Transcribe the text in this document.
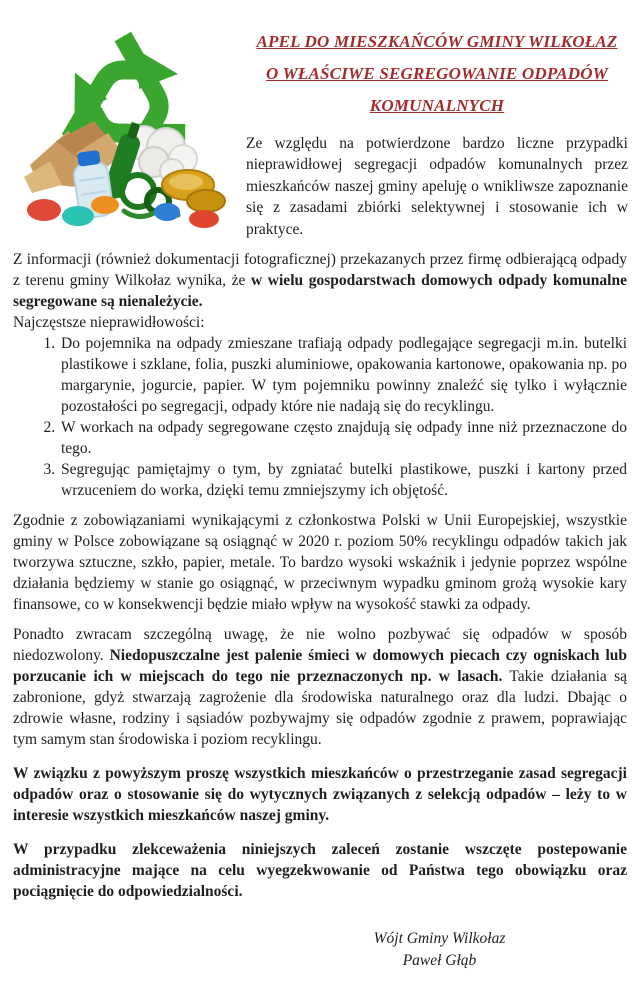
APEL DO MIESZKAŃCÓW GMINY WILKOŁAZ
O WŁAŚCIWE SEGREGOWANIE ODPADÓW
KOMUNALNYCH

Ze względu na potwierdzone bardzo liczne przypadki nieprawidłowej segregacji odpadów komunalnych przez mieszkańców naszej gminy apeluję o wnikliwsze zapoznanie się z zasadami zbiórki selektywnej i stosowanie ich w praktyce.

Z informacji (również dokumentacji fotograficznej) przekazanych przez firmę odbierającą odpady z terenu gminy Wilkołaz wynika, że w wielu gospodarstwach domowych odpady komunalne segregowane są nienależycie.

Najczęstsze nieprawidłowości:

1. Do pojemnika na odpady zmieszane trafiają odpady podlegające segregacji m.in. butelki plastikowe i szklane, folia, puszki aluminiowe, opakowania kartonowe, opakowania np. po margarynie, jogurcie, papier. W tym pojemniku powinny znaleźć się tylko i wyłącznie pozostałości po segregacji, odpady które nie nadają się do recyklingu.
2. W workach na odpady segregowane często znajdują się odpady inne niż przeznaczone do tego.
3. Segregując pamiętajmy o tym, by zgniatać butelki plastikowe, puszki i kartony przed wrzuceniem do worka, dzięki temu zmniejszymy ich objętość.

Zgodnie z zobowiązaniami wynikającymi z członkostwa Polski w Unii Europejskiej, wszystkie gminy w Polsce zobowiązane są osiągnąć w 2020 r. poziom 50% recyklingu odpadów takich jak tworzywa sztuczne, szkło, papier, metale. To bardzo wysoki wskaźnik i jedynie poprzez wspólne działania będziemy w stanie go osiągnąć, w przeciwnym wypadku gminom grożą wysokie kary finansowe, co w konsekwencji będzie miało wpływ na wysokość stawki za odpady.

Ponadto zwracam szczególną uwagę, że nie wolno pozbywać się odpadów w sposób niedozwolony. Niedopuszczalne jest palenie śmieci w domowych piecach czy ogniskach lub porzucanie ich w miejscach do tego nie przeznaczonych np. w lasach. Takie działania są zabronione, gdyż stwarzają zagrożenie dla środowiska naturalnego oraz dla ludzi. Dbając o zdrowie własne, rodziny i sąsiadów pozbywajmy się odpadów zgodnie z prawem, poprawiając tym samym stan środowiska i poziom recyklingu.

W związku z powyższym proszę wszystkich mieszkańców o przestrzeganie zasad segregacji odpadów oraz o stosowanie się do wytycznych związanych z selekcją odpadów – leży to w interesie wszystkich mieszkańców naszej gminy.

W przypadku zlekceważenia niniejszych zaleceń zostanie wszczęte postepowanie administracyjne mające na celu wyegzekwowanie od Państwa tego obowiązku oraz pociągnięcie do odpowiedzialności.

Wójt Gminy Wilkołaz
Paweł Głąb
